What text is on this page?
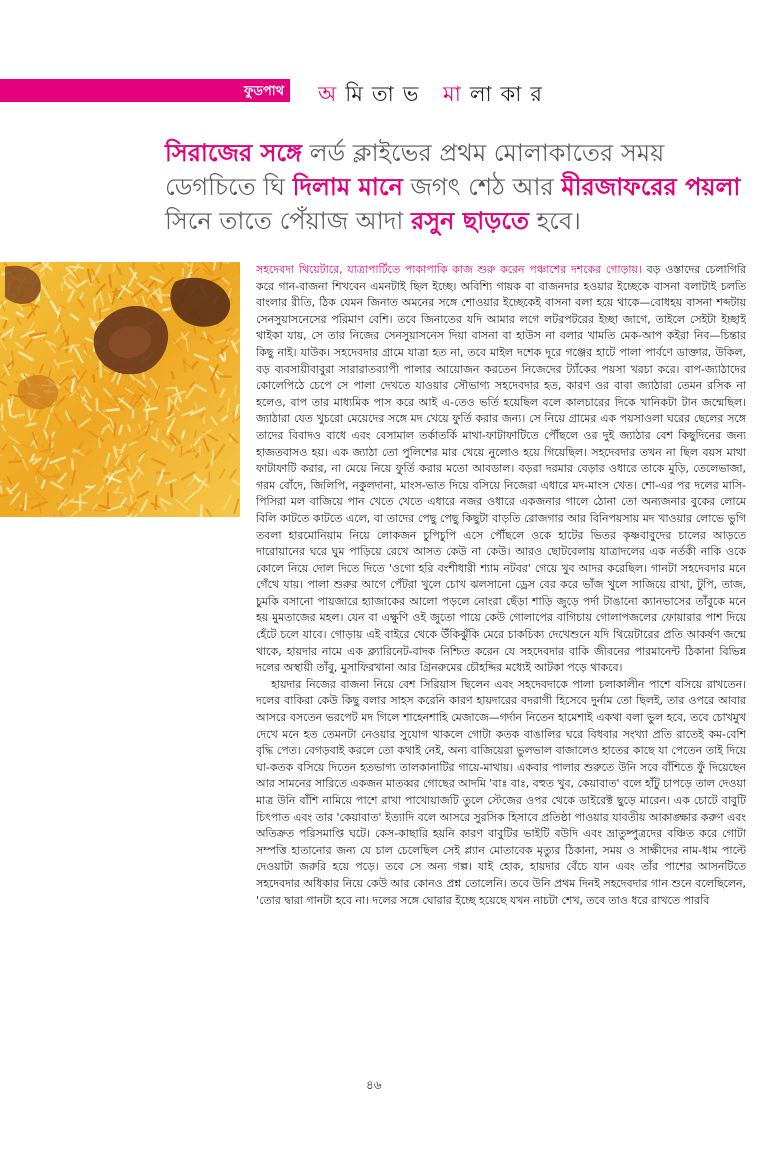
ফুডপাথ অমিতাভ মালাকার
সিরাজের সঙ্গে লর্ড ক্লাইভের প্রথম মোলাকাতের সময় ডেগচিতে ঘি দিলাম মানে জগৎ শেঠ আর মীরজাফরের পয়লা সিনে তাতে পেঁয়াজ আদা রসুন ছাড়তে হবে।

সহদেবদা থিয়েটারে, যাত্রাপার্টিতে পাকাপাকি কাজ শুরু করেন পঞ্চাশের দশকের গোড়ায়। বড় ওস্তাদের চেলাগিরি করে গান-বাজনা শিখবেন এমনটাই ছিল ইচ্ছে। অবিশ্যি গায়ক বা বাজনদার হওয়ার ইচ্ছেকে বাসনা বলাটাই চলতি বাংলার রীতি, ঠিক যেমন জিনাত অমনের সঙ্গে শোওয়ার ইচ্ছেকেই বাসনা বলা হয়ে থাকে—বোধহয় বাসনা শব্দটায় সেনসুয়াসনেসের পরিমাণ বেশি। তবে জিনাতের যদি আমার লগে লটরপটরের ইচ্ছা জাগে, তাইলে সেইটা ইচ্ছাই থাইকা যায়, সে তার নিজের সেনসুয়াসনেস দিয়া বাসনা বা হাউস না বলার খামতি মেক-আপ কইরা নিব—চিন্তার কিছু নাই। যাউক। সহদেবদার গ্রামে যাত্রা হত না, তবে মাইল দশেক দূরে গঞ্জের হাটে পালা পার্বণে ডাক্তার, উকিল, বড় ব্যবসায়ীবাবুরা সারারাতব্যাপী পালার আয়োজন করতেন নিজেদের ট্যাঁকের পয়সা খরচা করে। বাপ-জ্যাঠাদের কোলেপিঠে চেপে সে পালা দেখতে যাওয়ার সৌভাগ্য সহদেবদার হত, কারণ ওর বাবা জ্যাঠারা তেমন রসিক না হলেও, বাপ তার মাধ্যমিক পাস করে আই এ-তেও ভর্তি হয়েছিল বলে কালচারের দিকে খানিকটা টান জন্মেছিল। জ্যাঠারা যেত খুচরো মেয়েদের সঙ্গে মদ খেয়ে ফুর্তি করার জন্য। সে নিয়ে গ্রামের এক পয়সাওলা ঘরের ছেলের সঙ্গে তাদের বিবাদও বাধে এবং বেসামাল তর্কাতর্কি মাথা-ফাটাফাটিতে পৌঁছলে ওর দুই জ্যাঠার বেশ কিছুদিনের জন্য হাজতবাসও হয়। এক জ্যাঠা তো পুলিশের মার খেয়ে নুলোও হয়ে গিয়েছিল। সহদেবদার তখন না ছিল বয়স মাথা ফাটাফাটি করার, না মেয়ে নিয়ে ফুর্তি করার মতো আবডাল। বড়রা দরমার বেড়ার ওধারে তাকে মুড়ি, তেলেভাজা, গরম বোঁদে, জিলিপি, নকুলদানা, মাংস-ভাত দিয়ে বসিয়ে নিজেরা এধারে মদ-মাংস খেত। শো-এর পর দলের মাসি-পিসিরা মল বাজিয়ে পান খেতে খেতে এধারে নজর ওধারে একজনার গালে ঠোনা তো অন্যজনার বুকের লোমে বিলি কাটতে কাটতে এলে, বা তাদের পেছু পেছু কিছুটা বাড়তি রোজগার আর বিনিপয়সায় মদ খাওয়ার লোভে ভুগি তবলা হারমোনিয়াম নিয়ে লোকজন চুপিচুপি এসে পৌঁছলে ওকে হাটের ভিতর কৃষ্ণবাবুদের চালের আড়তে দারোয়ানের ঘরে ঘুম পাড়িয়ে রেখে আসত কেউ না কেউ। আরও ছোটবেলায় যাত্রাদলের এক নর্তকী নাকি ওকে কোলে নিয়ে দোল দিতে দিতে 'ওগো হরি বংশীধারী শ্যাম নটবর' গেয়ে খুব আদর করেছিল। গানটা সহদেবদার মনে গেঁথে যায়। পালা শুরুর আগে পেঁটরা খুলে চোখ ঝলসানো ড্রেস বের করে ভাঁজ খুলে সাজিয়ে রাখা, টুপি, তাজ, চুমকি বসানো পায়জারে হ্যাজাকের আলো পড়লে নোংরা ছেঁড়া শাড়ি জুড়ে পর্দা টাঙানো ক্যানভাসের তাঁবুকে মনে হয় মুমতাজের মহল। যেন বা এক্ষুণি ওই জুতো পায়ে কেউ গোলাপের বাগিচায় গোলাপজলের ফোয়ারার পাশ দিয়ে হেঁটে চলে যাবে। গোড়ায় এই বাইরে থেকে উঁকিঝুঁকি মেরে চাকচিক্য দেখেশুনে যদি থিয়েটারের প্রতি আকর্ষণ জন্মে থাকে, হায়দার নামে এক ক্ল্যারিনেট-বাদক নিশ্চিত করেন যে সহদেবদার বাকি জীবনের পারমানেন্ট ঠিকানা বিভিন্ন দলের অস্থায়ী তাঁবু, মুসাফিরখানা আর গ্রিনরুমের চৌহদ্দির মধ্যেই আটকা পড়ে থাকবে।

হায়দার নিজের বাজনা নিয়ে বেশ সিরিয়াস ছিলেন এবং সহদেবদাকে পালা চলাকালীন পাশে বসিয়ে রাখতেন। দলের বাকিরা কেউ কিছু বলার সাহস করেনি কারণ হায়দারের বদরাগী হিসেবে দুর্নাম তো ছিলই, তার ওপরে আবার আসরে বসতেন ভরপেট মদ গিলে শাহেনশাহি মেজাজে—গর্দান নিতেন হামেশাই একথা বলা ভুল হবে, তবে চোখমুখ দেখে মনে হত তেমনটা নেওয়ার সুযোগ থাকলে গোটা কতক বাঙালির ঘরে বিধবার সংখ্যা প্রতি রাতেই কম-বেশি বৃদ্ধি পেত। বেগড়বাই করলে তো কথাই নেই, অন্য বাজিয়েরা ভুলভাল বাজালেও হাতের কাছে যা পেতেন তাই দিয়ে ঘা-কতক বসিয়ে দিতেন হতভাগ্য তালকানাটির গায়ে-মাথায়। একবার পালার শুরুতে উনি সবে বাঁশিতে ফুঁ দিয়েছেন আর সামনের সারিতে একজন মাতব্বর গোছের আদমি 'বাঃ বাঃ, বহুত খুব, কেয়াবাত' বলে হাঁটু চাপড়ে তাল দেওয়া মাত্র উনি বাঁশি নামিয়ে পাশে রাখা পাখোয়াজটি তুলে স্টেজের ওপর থেকে ডাইরেক্ট ছুড়ে মারেন। এক চোটে বাবুটি চিৎপাত এবং তার 'কেয়াবাত' ইত্যাদি বলে আসরে সুরসিক হিসাবে প্রতিষ্ঠা পাওয়ার যাবতীয় আকাঙ্ক্ষার করুণ এবং অতিক্রত পরিসমাপ্তি ঘটে। কেস-কাছারি হয়নি কারণ বাবুটির ভাইটি বউদি এবং ভ্রাতুষ্পুত্রদের বঞ্চিত করে গোটা সম্পত্তি হাতানোর জন্য যে চাল চেলেছিল সেই প্ল্যান মোতাবেক মৃত্যুর ঠিকানা, সময় ও সাক্ষীদের নাম-ধাম পাল্টে দেওয়াটা জরুরি হয়ে পড়ে। তবে সে অন্য গল্প। যাই হোক, হায়দার বেঁচে যান এবং তাঁর পাশের আসনটিতে সহদেবদার অধিকার নিয়ে কেউ আর কোনও প্রশ্ন তোলেনি। তবে উনি প্রথম দিনই সহদেবদার গান শুনে বলেছিলেন, 'তোর দ্বারা গানটা হবে না। দলের সঙ্গে ঘোরার ইচ্ছে হয়েছে যখন নাচটা শেখ, তবে তাও ধরে রাখতে পারবি

৪৬
